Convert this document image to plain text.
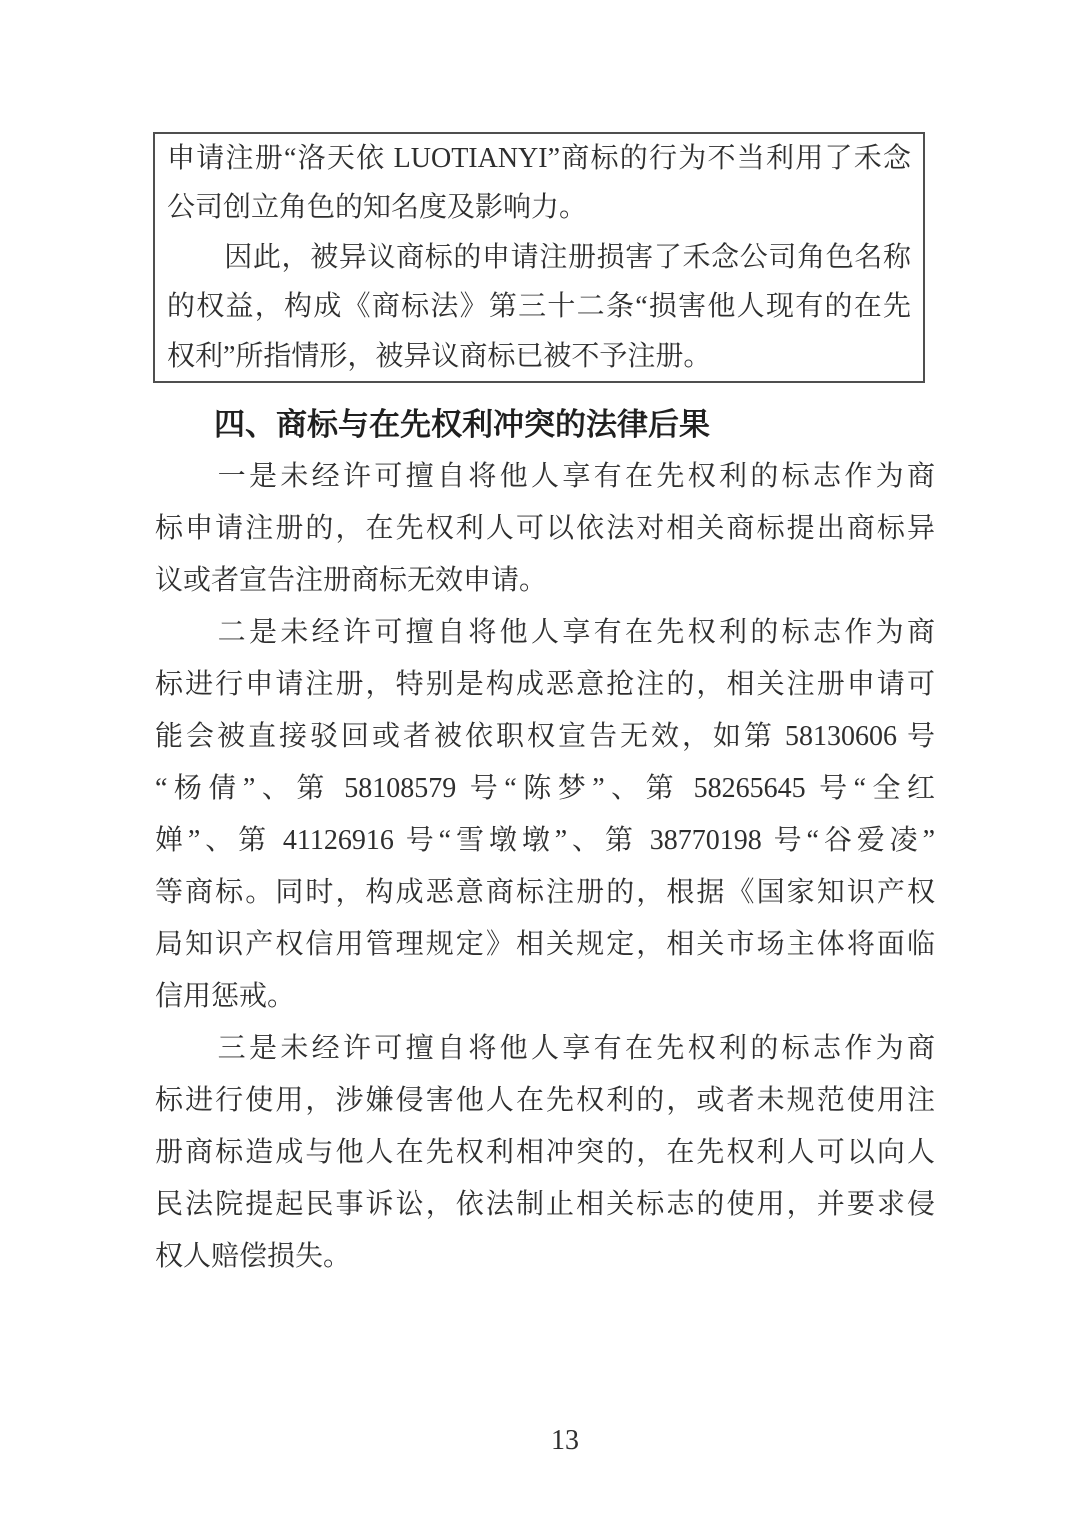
申请注册“洛天依 LUOTIANYI”商标的行为不当利用了禾念
公司创立角色的知名度及影响力。
　　因此，被异议商标的申请注册损害了禾念公司角色名称
的权益，构成《商标法》第三十二条“损害他人现有的在先
权利”所指情形，被异议商标已被不予注册。
四、商标与在先权利冲突的法律后果
　　一是未经许可擅自将他人享有在先权利的标志作为商
标申请注册的，在先权利人可以依法对相关商标提出商标异
议或者宣告注册商标无效申请。
　　二是未经许可擅自将他人享有在先权利的标志作为商
标进行申请注册，特别是构成恶意抢注的，相关注册申请可
能会被直接驳回或者被依职权宣告无效，如第 58130606 号
“杨倩”、第 58108579 号“陈梦”、第 58265645 号“全红
婵”、第 41126916 号“雪墩墩”、第 38770198 号“谷爱凌”
等商标。同时，构成恶意商标注册的，根据《国家知识产权
局知识产权信用管理规定》相关规定，相关市场主体将面临
信用惩戒。
　　三是未经许可擅自将他人享有在先权利的标志作为商
标进行使用，涉嫌侵害他人在先权利的，或者未规范使用注
册商标造成与他人在先权利相冲突的，在先权利人可以向人
民法院提起民事诉讼，依法制止相关标志的使用，并要求侵
权人赔偿损失。
13
